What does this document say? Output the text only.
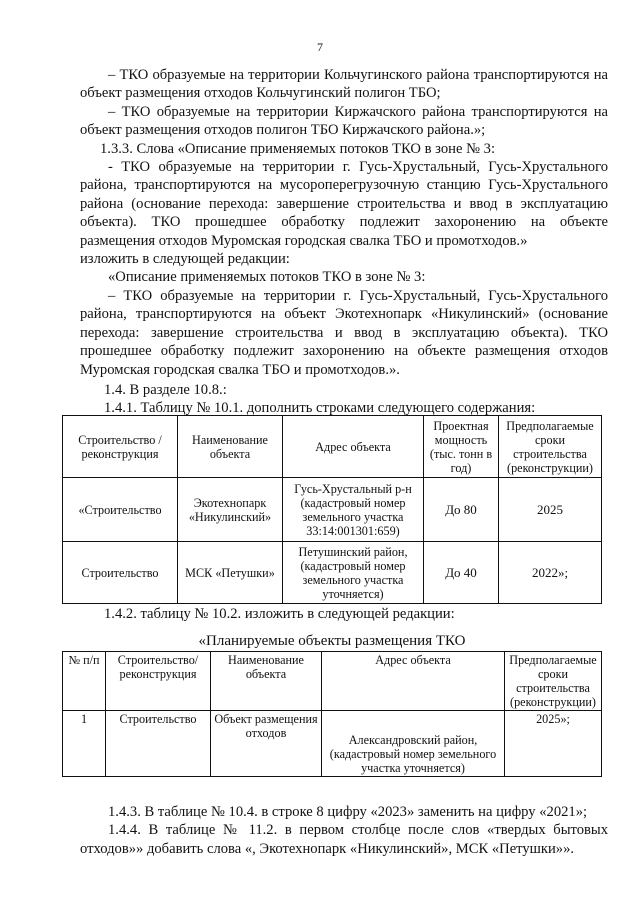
7

– ТКО образуемые на территории Кольчугинского района транспортируются на объект размещения отходов Кольчугинский полигон ТБО;

– ТКО образуемые на территории Киржачского района транспортируются на объект размещения отходов полигон ТБО Киржачского района.»;

1.3.3. Слова «Описание применяемых потоков ТКО в зоне № 3:

- ТКО образуемые на территории г. Гусь-Хрустальный, Гусь-Хрустального района, транспортируются на мусороперегрузочную станцию Гусь-Хрустального района (основание перехода: завершение строительства и ввод в эксплуатацию объекта). ТКО прошедшее обработку подлежит захоронению на объекте размещения отходов Муромская городская свалка ТБО и промотходов.»

изложить в следующей редакции:

«Описание применяемых потоков ТКО в зоне № 3:

– ТКО образуемые на территории г. Гусь-Хрустальный, Гусь-Хрустального района, транспортируются на объект Экотехнопарк «Никулинский» (основание перехода: завершение строительства и ввод в эксплуатацию объекта). ТКО прошедшее обработку подлежит захоронению на объекте размещения отходов Муромская городская свалка ТБО и промотходов.».

1.4. В разделе 10.8.:
1.4.1. Таблицу № 10.1. дополнить строками следующего содержания:
Строительство / реконструкция	Наименование объекта	Адрес объекта	Проектная мощность (тыс. тонн в год)	Предполагаемые сроки строительства (реконструкции)
«Строительство	Экотехнопарк «Никулинский»	Гусь-Хрустальный р-н (кадастровый номер земельного участка 33:14:001301:659)	До 80	2025
Строительство	МСК «Петушки»	Петушинский район, (кадастровый номер земельного участка уточняется)	До 40	2022»;
1.4.2. таблицу № 10.2. изложить в следующей редакции:
«Планируемые объекты размещения ТКО
№ п/п	Строительство/ реконструкция	Наименование объекта	Адрес объекта	Предполагаемые сроки строительства (реконструкции)
1	Строительство	Объект размещения отходов	Александровский район, (кадастровый номер земельного участка уточняется)	2025»;

1.4.3. В таблице № 10.4. в строке 8 цифру «2023» заменить на цифру «2021»;

1.4.4. В таблице № 11.2. в первом столбце после слов «твердых бытовых отходов»» добавить слова «, Экотехнопарк «Никулинский», МСК «Петушки»».
